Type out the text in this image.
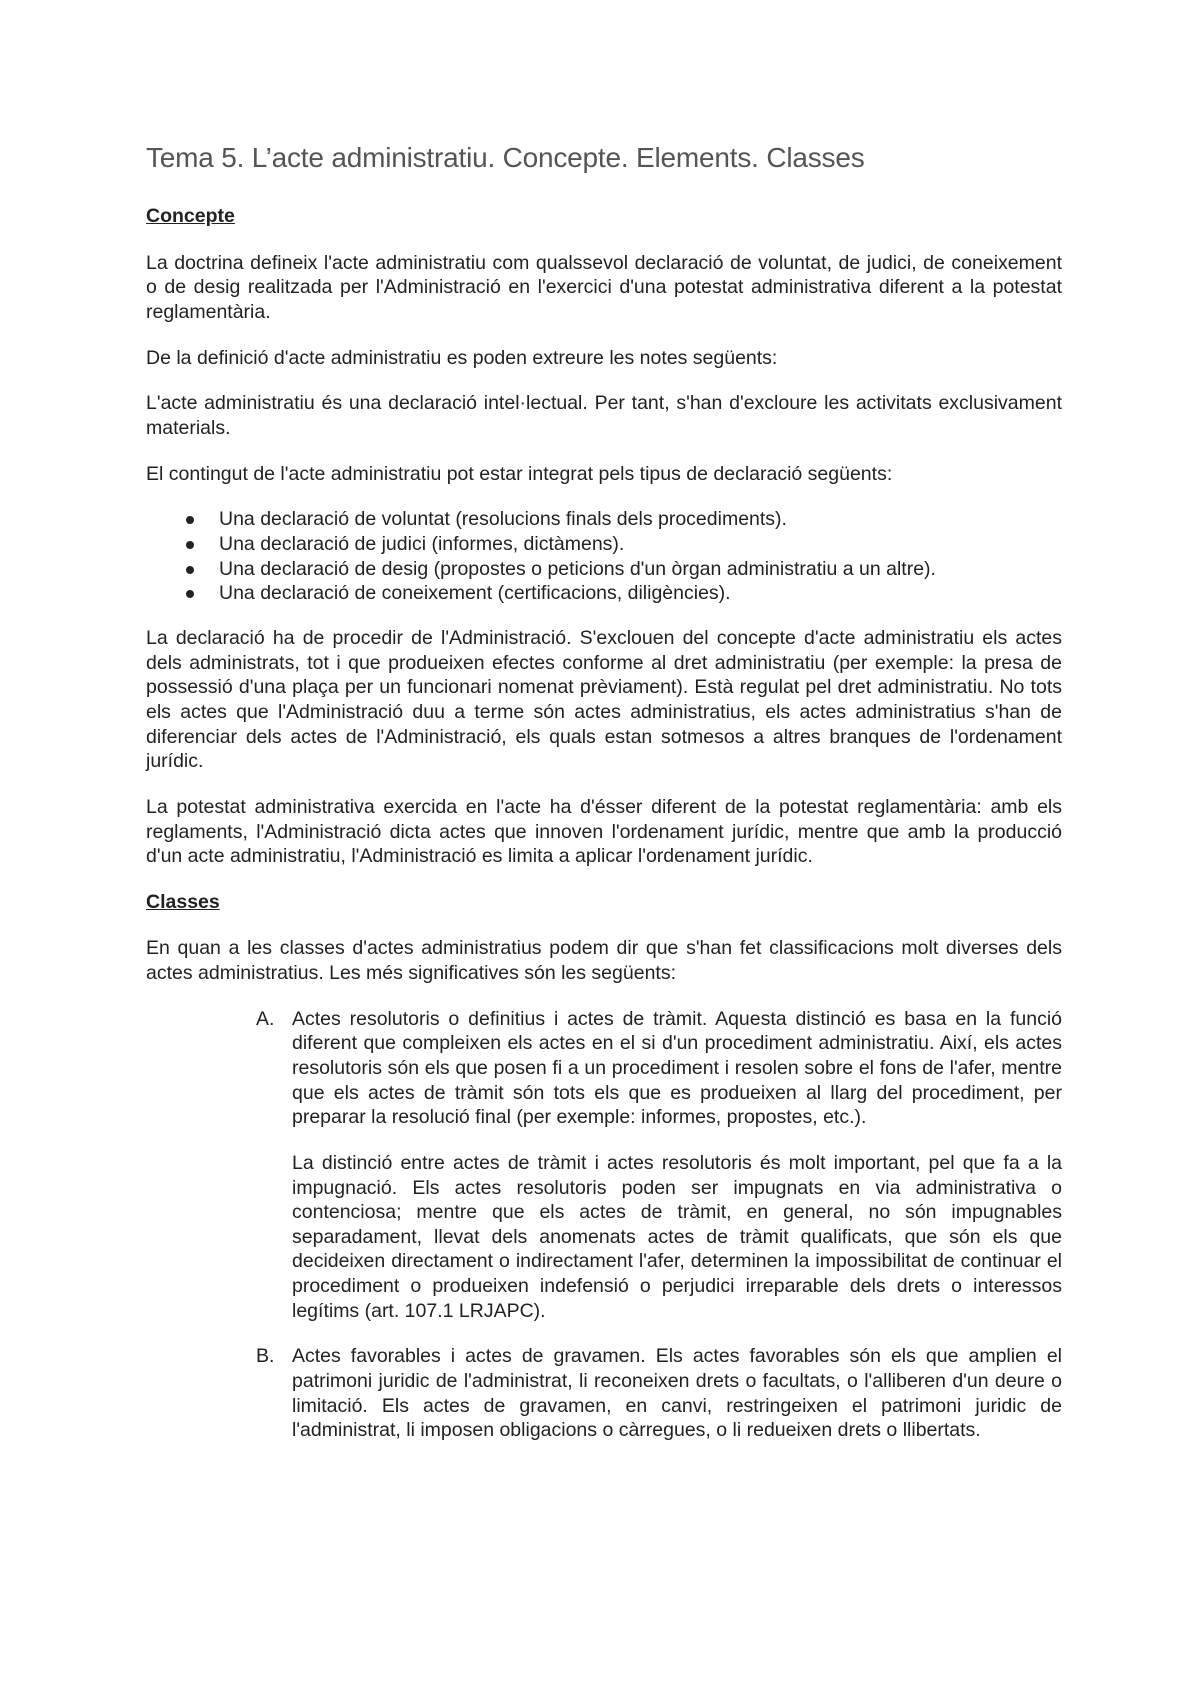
Tema 5. L’acte administratiu. Concepte. Elements. Classes
Concepte

La doctrina defineix l'acte administratiu com qualssevol declaració de voluntat, de judici, de coneixement o de desig realitzada per l'Administració en l'exercici d'una potestat administrativa diferent a la potestat reglamentària.

De la definició d'acte administratiu es poden extreure les notes següents:

L'acte administratiu és una declaració intel·lectual. Per tant, s'han d'excloure les activitats exclusivament materials.

El contingut de l'acte administratiu pot estar integrat pels tipus de declaració següents:

Una declaració de voluntat (resolucions finals dels procediments).
Una declaració de judici (informes, dictàmens).
Una declaració de desig (propostes o peticions d'un òrgan administratiu a un altre).
Una declaració de coneixement (certificacions, diligències).

La declaració ha de procedir de l'Administració. S'exclouen del concepte d'acte administratiu els actes dels administrats, tot i que produeixen efectes conforme al dret administratiu (per exemple: la presa de possessió d'una plaça per un funcionari nomenat prèviament). Està regulat pel dret administratiu. No tots els actes que l'Administració duu a terme són actes administratius, els actes administratius s'han de diferenciar dels actes de l'Administració, els quals estan sotmesos a altres branques de l'ordenament jurídic.

La potestat administrativa exercida en l'acte ha d'ésser diferent de la potestat reglamentària: amb els reglaments, l'Administració dicta actes que innoven l'ordenament jurídic, mentre que amb la producció d'un acte administratiu, l'Administració es limita a aplicar l'ordenament jurídic.

Classes

En quan a les classes d'actes administratius podem dir que s'han fet classificacions molt diverses dels actes administratius. Les més significatives són les següents:

A. Actes resolutoris o definitius i actes de tràmit. Aquesta distinció es basa en la funció diferent que compleixen els actes en el si d'un procediment administratiu. Així, els actes resolutoris són els que posen fi a un procediment i resolen sobre el fons de l'afer, mentre que els actes de tràmit són tots els que es produeixen al llarg del procediment, per preparar la resolució final (per exemple: informes, propostes, etc.).

La distinció entre actes de tràmit i actes resolutoris és molt important, pel que fa a la impugnació. Els actes resolutoris poden ser impugnats en via administrativa o contenciosa; mentre que els actes de tràmit, en general, no són impugnables separadament, llevat dels anomenats actes de tràmit qualificats, que són els que decideixen directament o indirectament l'afer, determinen la impossibilitat de continuar el procediment o produeixen indefensió o perjudici irreparable dels drets o interessos legítims (art. 107.1 LRJAPC).

B. Actes favorables i actes de gravamen. Els actes favorables són els que amplien el patrimoni juridic de l'administrat, li reconeixen drets o facultats, o l'alliberen d'un deure o limitació. Els actes de gravamen, en canvi, restringeixen el patrimoni juridic de l'administrat, li imposen obligacions o càrregues, o li redueixen drets o llibertats.
